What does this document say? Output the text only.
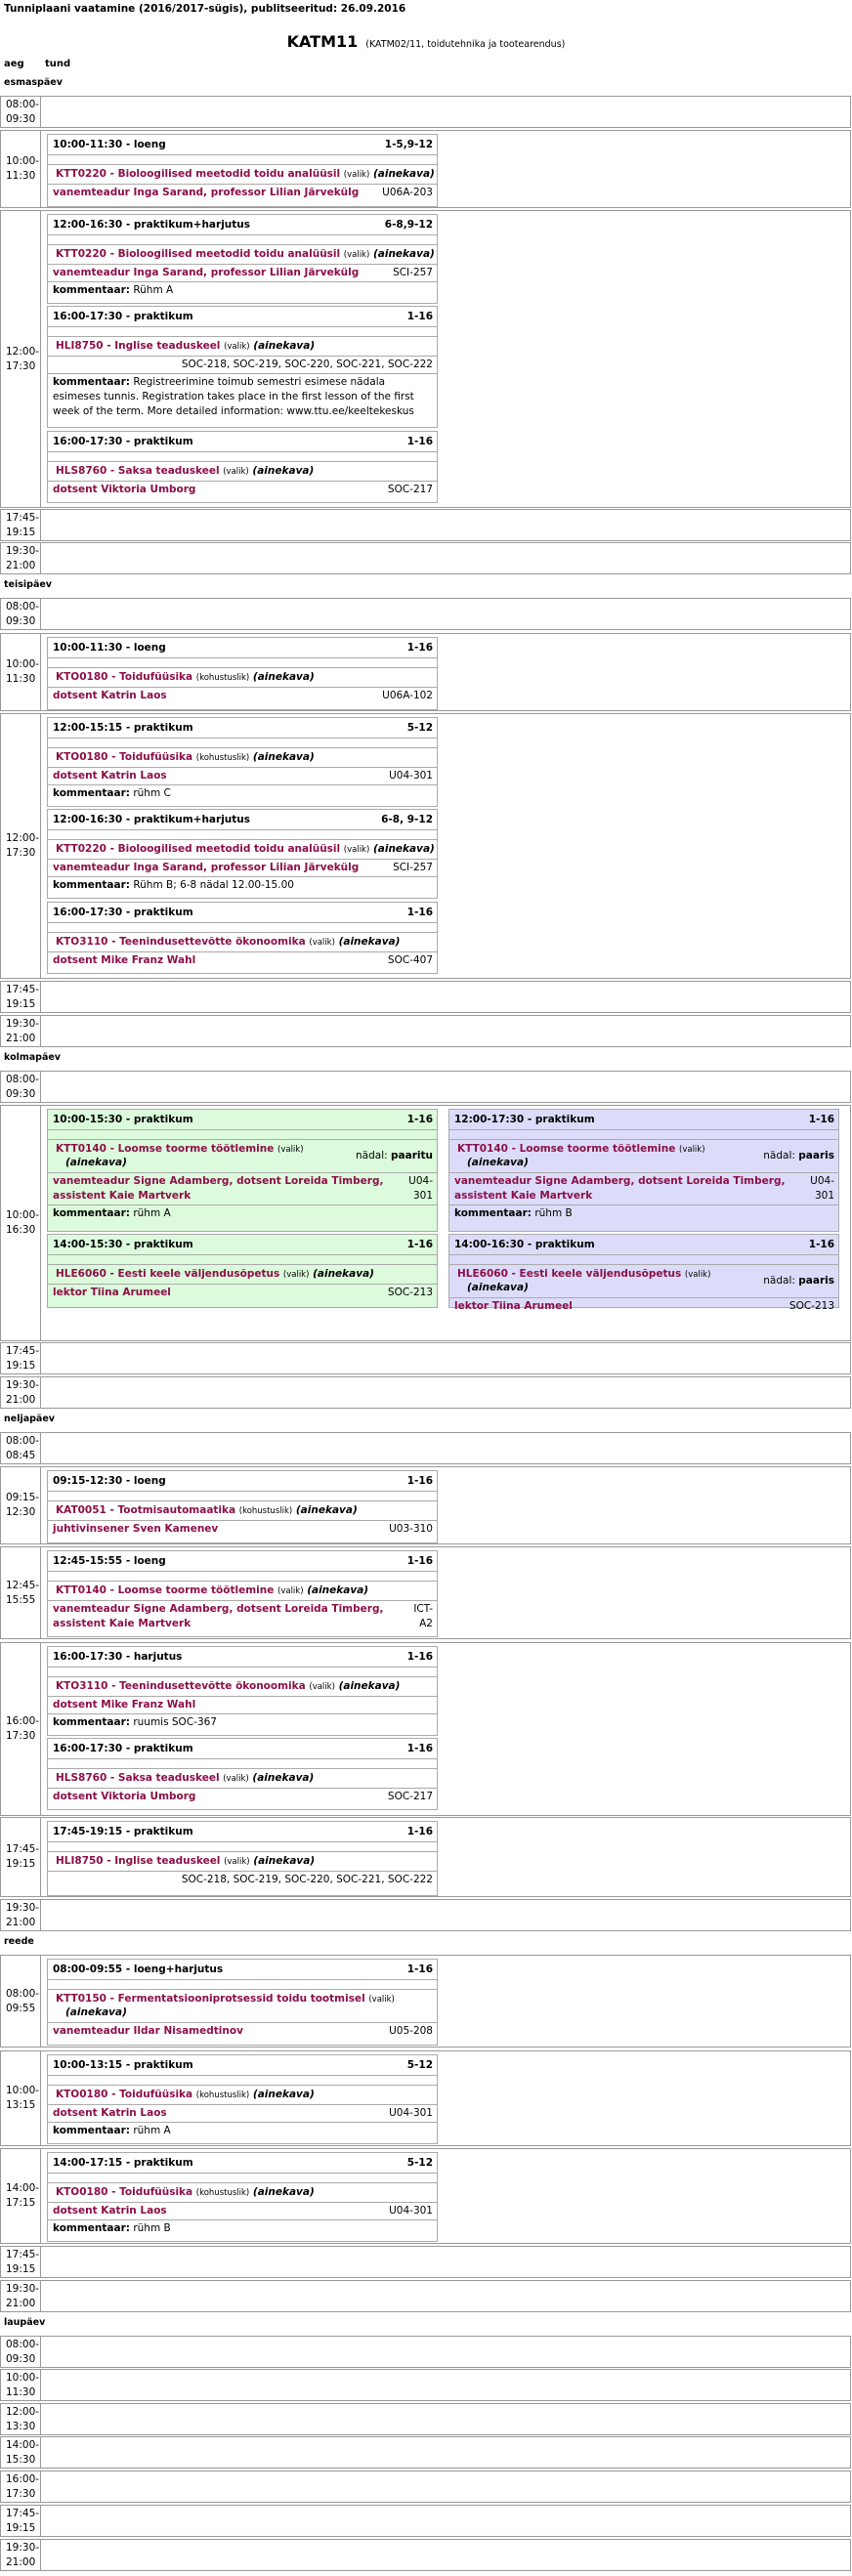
Tunniplaani vaatamine (2016/2017-sügis), publitseeritud: 26.09.2016
KATM11 (KATM02/11, toidutehnika ja tootearendus)
aeg tund
esmaspäev
08:00-
09:30
10:00-
11:30
10:00-11:30 - loeng	1-5,9-12
KTT0220 - Bioloogilised meetodid toidu analüüsil (valik) (ainekava)
vanemteadur Inga Sarand, professor Lilian Järvekülg U06A-203
12:00-
17:30
12:00-16:30 - praktikum+harjutus	6-8,9-12
KTT0220 - Bioloogilised meetodid toidu analüüsil (valik) (ainekava)
vanemteadur Inga Sarand, professor Lilian Järvekülg	SCI-257
kommentaar: Rühm A
16:00-17:30 - praktikum	1-16
HLI8750 - Inglise teaduskeel (valik) (ainekava)
SOC-218, SOC-219, SOC-220, SOC-221, SOC-222
kommentaar: Registreerimine toimub semestri esimese nädala esimeses tunnis. Registration takes place in the first lesson of the first week of the term. More detailed information: www.ttu.ee/keeltekeskus
16:00-17:30 - praktikum	1-16
HLS8760 - Saksa teaduskeel (valik) (ainekava)
dotsent Viktoria Umborg	SOC-217
17:45-
19:15
19:30-
21:00
teisipäev
08:00-
09:30
10:00-
11:30
10:00-11:30 - loeng	1-16
KTO0180 - Toidufüüsika (kohustuslik) (ainekava)
dotsent Katrin Laos	U06A-102
12:00-
17:30
12:00-15:15 - praktikum	5-12
KTO0180 - Toidufüüsika (kohustuslik) (ainekava)
dotsent Katrin Laos	U04-301
kommentaar: rühm C
12:00-16:30 - praktikum+harjutus	6-8, 9-12
KTT0220 - Bioloogilised meetodid toidu analüüsil (valik) (ainekava)
vanemteadur Inga Sarand, professor Lilian Järvekülg	SCI-257
kommentaar: Rühm B; 6-8 nädal 12.00-15.00
16:00-17:30 - praktikum	1-16
KTO3110 - Teenindusettevõtte ökonoomika (valik) (ainekava)
dotsent Mike Franz Wahl	SOC-407
17:45-
19:15
19:30-
21:00
kolmapäev
08:00-
09:30
10:00-
16:30
10:00-15:30 - praktikum	1-16
KTT0140 - Loomse toorme töötlemine (valik)
(ainekava)
nädal: paaritu
vanemteadur Signe Adamberg, dotsent Loreida Timberg,
assistent Kaie Martverk
U04-
301
kommentaar: rühm A
14:00-15:30 - praktikum	1-16
HLE6060 - Eesti keele väljendusõpetus (valik) (ainekava)
lektor Tiina Arumeel	SOC-213
12:00-17:30 - praktikum	1-16
KTT0140 - Loomse toorme töötlemine (valik)
(ainekava)
nädal: paaris
vanemteadur Signe Adamberg, dotsent Loreida Timberg,
assistent Kaie Martverk
U04-
301
kommentaar: rühm B
14:00-16:30 - praktikum	1-16
HLE6060 - Eesti keele väljendusõpetus (valik)
(ainekava)
nädal: paaris
lektor Tiina Arumeel	SOC-213
17:45-
19:15
19:30-
21:00
neljapäev
08:00-
08:45
09:15-
12:30
09:15-12:30 - loeng	1-16
KAT0051 - Tootmisautomaatika (kohustuslik) (ainekava)
juhtivinsener Sven Kamenev	U03-310
12:45-
15:55
12:45-15:55 - loeng	1-16
KTT0140 - Loomse toorme töötlemine (valik) (ainekava)
vanemteadur Signe Adamberg, dotsent Loreida Timberg,
assistent Kaie Martverk
ICT-
A2
16:00-
17:30
16:00-17:30 - harjutus	1-16
KTO3110 - Teenindusettevõtte ökonoomika (valik) (ainekava)
dotsent Mike Franz Wahl
kommentaar: ruumis SOC-367
16:00-17:30 - praktikum	1-16
HLS8760 - Saksa teaduskeel (valik) (ainekava)
dotsent Viktoria Umborg	SOC-217
17:45-
19:15
17:45-19:15 - praktikum	1-16
HLI8750 - Inglise teaduskeel (valik) (ainekava)
SOC-218, SOC-219, SOC-220, SOC-221, SOC-222
19:30-
21:00
reede
08:00-
09:55
08:00-09:55 - loeng+harjutus	1-16
KTT0150 - Fermentatsiooniprotsessid toidu tootmisel (valik)
(ainekava)
vanemteadur Ildar Nisamedtinov	U05-208
10:00-
13:15
10:00-13:15 - praktikum	5-12
KTO0180 - Toidufüüsika (kohustuslik) (ainekava)
dotsent Katrin Laos	U04-301
kommentaar: rühm A
14:00-
17:15
14:00-17:15 - praktikum	5-12
KTO0180 - Toidufüüsika (kohustuslik) (ainekava)
dotsent Katrin Laos	U04-301
kommentaar: rühm B
17:45-
19:15
19:30-
21:00
laupäev
08:00-
09:30
10:00-
11:30
12:00-
13:30
14:00-
15:30
16:00-
17:30
17:45-
19:15
19:30-
21:00
